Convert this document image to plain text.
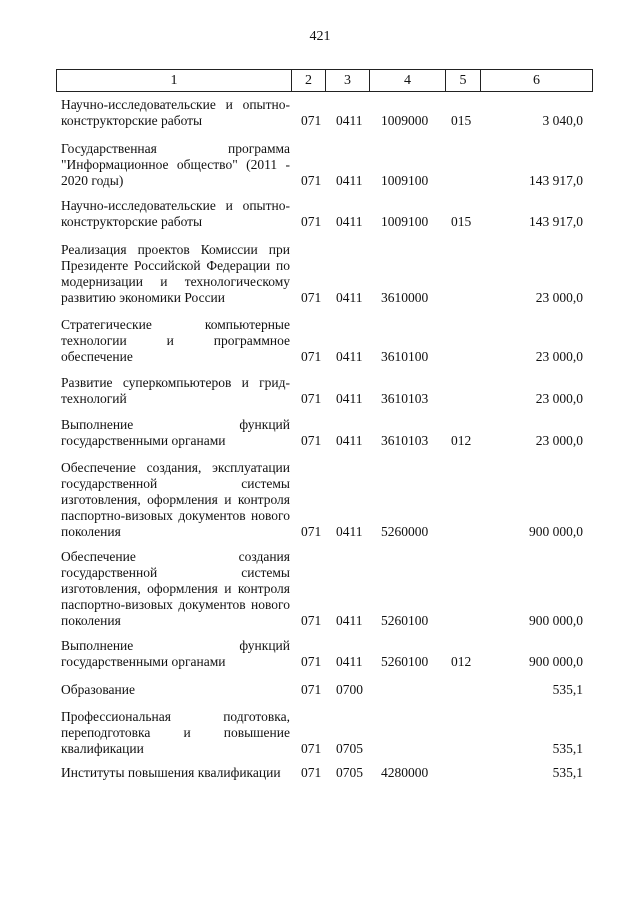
421
1	2	3	4	5	6
Научно-исследовательские и опытно-конструкторские работы	071 0411 1009000 015	3 040,0
Государственная программа "Информационное общество" (2011 - 2020 годы)	071 0411 1009100	143 917,0
Научно-исследовательские и опытно-конструкторские работы	071 0411 1009100 015	143 917,0
Реализация проектов Комиссии при Президенте Российской Федерации по модернизации и технологическому развитию экономики России	071 0411 3610000	23 000,0
Стратегические компьютерные технологии и программное обеспечение	071 0411 3610100	23 000,0
Развитие суперкомпьютеров и грид-технологий	071 0411 3610103	23 000,0
Выполнение функций государственными органами	071 0411 3610103 012	23 000,0
Обеспечение создания, эксплуатации государственной системы изготовления, оформления и контроля паспортно-визовых документов нового поколения	071 0411 5260000	900 000,0
Обеспечение создания государственной системы изготовления, оформления и контроля паспортно-визовых документов нового поколения	071 0411 5260100	900 000,0
Выполнение функций государственными органами	071 0411 5260100 012	900 000,0
Образование	071 0700	535,1
Профессиональная подготовка, переподготовка и повышение квалификации	071 0705	535,1
Институты повышения квалификации	071 0705 4280000	535,1
